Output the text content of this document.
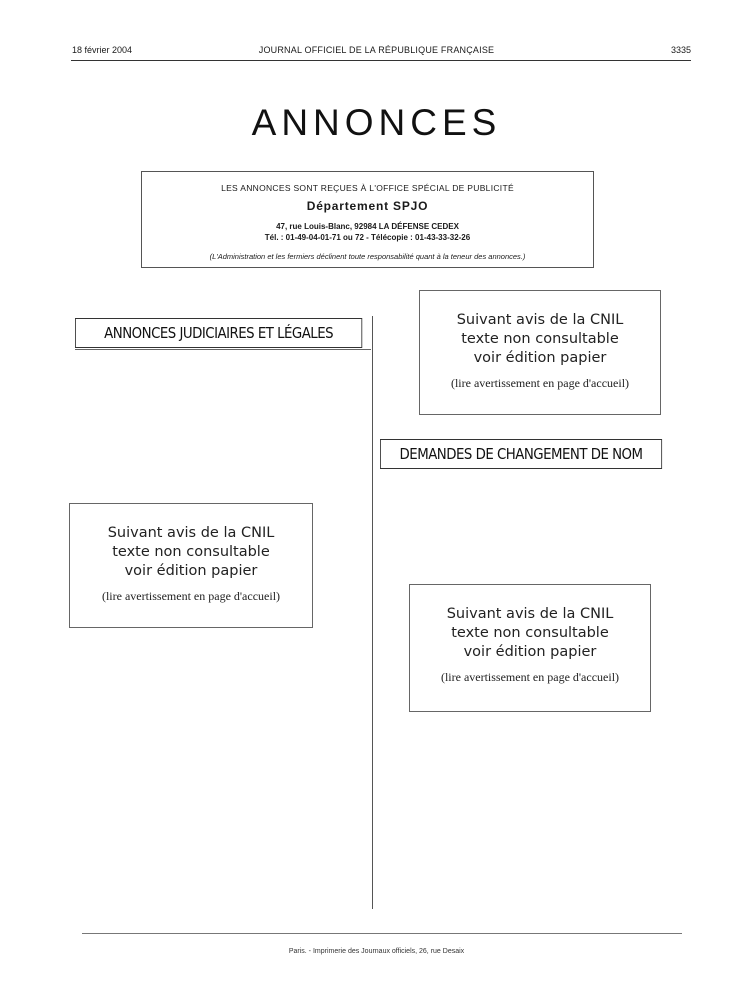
18 février 2004	JOURNAL OFFICIEL DE LA RÉPUBLIQUE FRANÇAISE	3335
ANNONCES
LES ANNONCES SONT REÇUES À L'OFFICE SPÉCIAL DE PUBLICITÉ
Département SPJO
47, rue Louis-Blanc, 92984 LA DÉFENSE CEDEX
Tél. : 01-49-04-01-71 ou 72 - Télécopie : 01-43-33-32-26
(L'Administration et les fermiers déclinent toute responsabilité quant à la teneur des annonces.)
ANNONCES JUDICIAIRES ET LÉGALES
Suivant avis de la CNIL
texte non consultable
voir édition papier
(lire avertissement en page d'accueil)
DEMANDES DE CHANGEMENT DE NOM
Suivant avis de la CNIL
texte non consultable
voir édition papier
(lire avertissement en page d'accueil)
Suivant avis de la CNIL
texte non consultable
voir édition papier
(lire avertissement en page d'accueil)
Paris. - Imprimerie des Journaux officiels, 26, rue Desaix
